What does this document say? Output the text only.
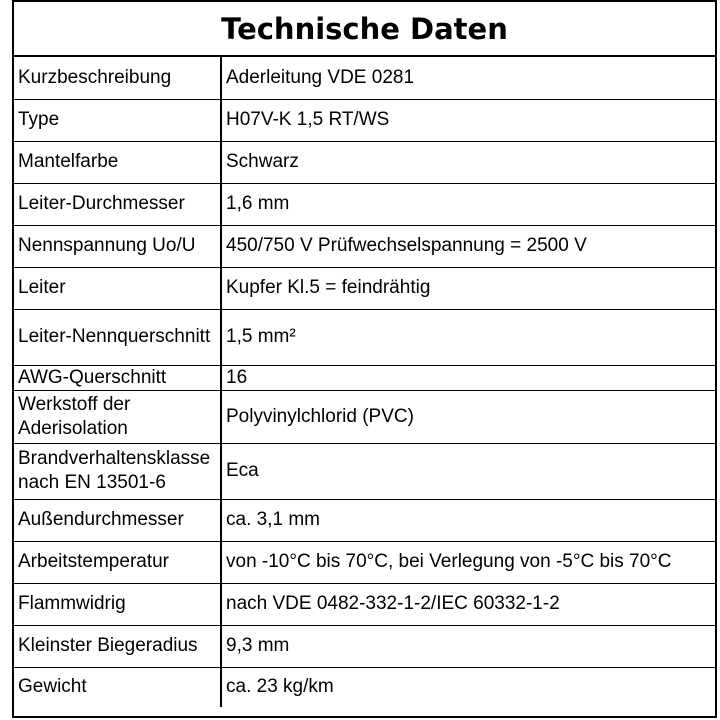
Technische Daten
Kurzbeschreibung	Aderleitung VDE 0281
Type	H07V-K 1,5 RT/WS
Mantelfarbe	Schwarz
Leiter-Durchmesser	1,6 mm
Nennspannung Uo/U	450/750 V Prüfwechselspannung = 2500 V
Leiter	Kupfer Kl.5 = feindrähtig
Leiter-Nennquerschnitt	1,5 mm²
AWG-Querschnitt	16
Werkstoff der Aderisolation	Polyvinylchlorid (PVC)
Brandverhaltensklasse nach EN 13501-6	Eca
Außendurchmesser	ca. 3,1 mm
Arbeitstemperatur	von -10°C bis 70°C, bei Verlegung von -5°C bis 70°C
Flammwidrig	nach VDE 0482-332-1-2/IEC 60332-1-2
Kleinster Biegeradius	9,3 mm
Gewicht	ca. 23 kg/km
